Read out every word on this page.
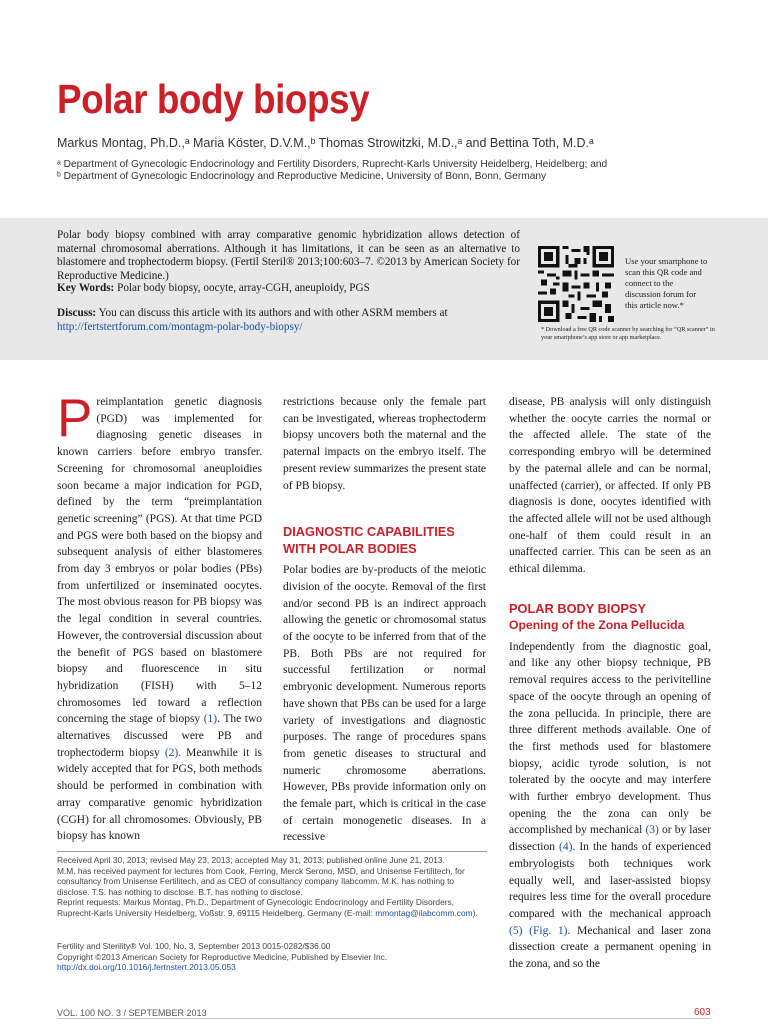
Polar body biopsy
Markus Montag, Ph.D.,ᵃ Maria Köster, D.V.M.,ᵇ Thomas Strowitzki, M.D.,ᵃ and Bettina Toth, M.D.ᵃ
ᵃ Department of Gynecologic Endocrinology and Fertility Disorders, Ruprecht-Karls University Heidelberg, Heidelberg; and
ᵇ Department of Gynecologic Endocrinology and Reproductive Medicine, University of Bonn, Bonn, Germany
Polar body biopsy combined with array comparative genomic hybridization allows detection of maternal chromosomal aberrations. Although it has limitations, it can be seen as an alternative to blastomere and trophectoderm biopsy. (Fertil Steril® 2013;100:603–7. ©2013 by American Society for Reproductive Medicine.)
Key Words: Polar body biopsy, oocyte, array-CGH, aneuploidy, PGS
Discuss: You can discuss this article with its authors and with other ASRM members at http://fertstertforum.com/montagm-polar-body-biopsy/
Use your smartphone to scan this QR code and connect to the discussion forum for this article now.*
* Download a free QR code scanner by searching for “QR scanner” in your smartphone’s app store or app marketplace.
Preimplantation genetic diagnosis (PGD) was implemented for diagnosing genetic diseases in known carriers before embryo transfer. Screening for chromosomal aneuploidies soon became a major indication for PGD, defined by the term “preimplantation genetic screening” (PGS). At that time PGD and PGS were both based on the biopsy and subsequent analysis of either blastomeres from day 3 embryos or polar bodies (PBs) from unfertilized or inseminated oocytes. The most obvious reason for PB biopsy was the legal condition in several countries. However, the controversial discussion about the benefit of PGS based on blastomere biopsy and fluorescence in situ hybridization (FISH) with 5–12 chromosomes led toward a reflection concerning the stage of biopsy (1). The two alternatives discussed were PB and trophectoderm biopsy (2). Meanwhile it is widely accepted that for PGS, both methods should be performed in combination with array comparative genomic hybridization (CGH) for all chromosomes. Obviously, PB biopsy has known

restrictions because only the female part can be investigated, whereas trophectoderm biopsy uncovers both the maternal and the paternal impacts on the embryo itself. The present review summarizes the present state of PB biopsy.

DIAGNOSTIC CAPABILITIES WITH POLAR BODIES

Polar bodies are by-products of the meiotic division of the oocyte. Removal of the first and/or second PB is an indirect approach allowing the genetic or chromosomal status of the oocyte to be inferred from that of the PB. Both PBs are not required for successful fertilization or normal embryonic development. Numerous reports have shown that PBs can be used for a large variety of investigations and diagnostic purposes. The range of procedures spans from genetic diseases to structural and numeric chromosome aberrations. However, PBs provide information only on the female part, which is critical in the case of certain monogenetic diseases. In a recessive

disease, PB analysis will only distinguish whether the oocyte carries the normal or the affected allele. The state of the corresponding embryo will be determined by the paternal allele and can be normal, unaffected (carrier), or affected. If only PB diagnosis is done, oocytes identified with the affected allele will not be used although one-half of them could result in an unaffected carrier. This can be seen as an ethical dilemma.

POLAR BODY BIOPSY

Opening of the Zona Pellucida

Independently from the diagnostic goal, and like any other biopsy technique, PB removal requires access to the perivitelline space of the oocyte through an opening of the zona pellucida. In principle, there are three different methods available. One of the first methods used for blastomere biopsy, acidic tyrode solution, is not tolerated by the oocyte and may interfere with further embryo development. Thus opening the the zona can only be accomplished by mechanical (3) or by laser dissection (4). In the hands of experienced embryologists both techniques work equally well, and laser-assisted biopsy requires less time for the overall procedure compared with the mechanical approach (5) (Fig. 1). Mechanical and laser zona dissection create a permanent opening in the zona, and so the

Received April 30, 2013; revised May 23, 2013; accepted May 31, 2013; published online June 21, 2013.

M.M. has received payment for lectures from Cook, Ferring, Merck Serono, MSD, and Unisense Fertilitech, for consultancy from Unisense Fertilitech, and as CEO of consultancy company Ilabcomm. M.K. has nothing to disclose. T.S. has nothing to disclose. B.T. has nothing to disclose.

Reprint requests: Markus Montag, Ph.D., Department of Gynecologic Endocrinology and Fertility Disorders, Ruprecht-Karls University Heidelberg, Voßstr. 9, 69115 Heidelberg, Germany (E-mail: mmontag@ilabcomm.com).

Fertility and Sterility® Vol. 100, No. 3, September 2013 0015-0282/$36.00

Copyright ©2013 American Society for Reproductive Medicine, Published by Elsevier Inc.

http://dx.doi.org/10.1016/j.fertnstert.2013.05.053

VOL. 100 NO. 3 / SEPTEMBER 2013	603
